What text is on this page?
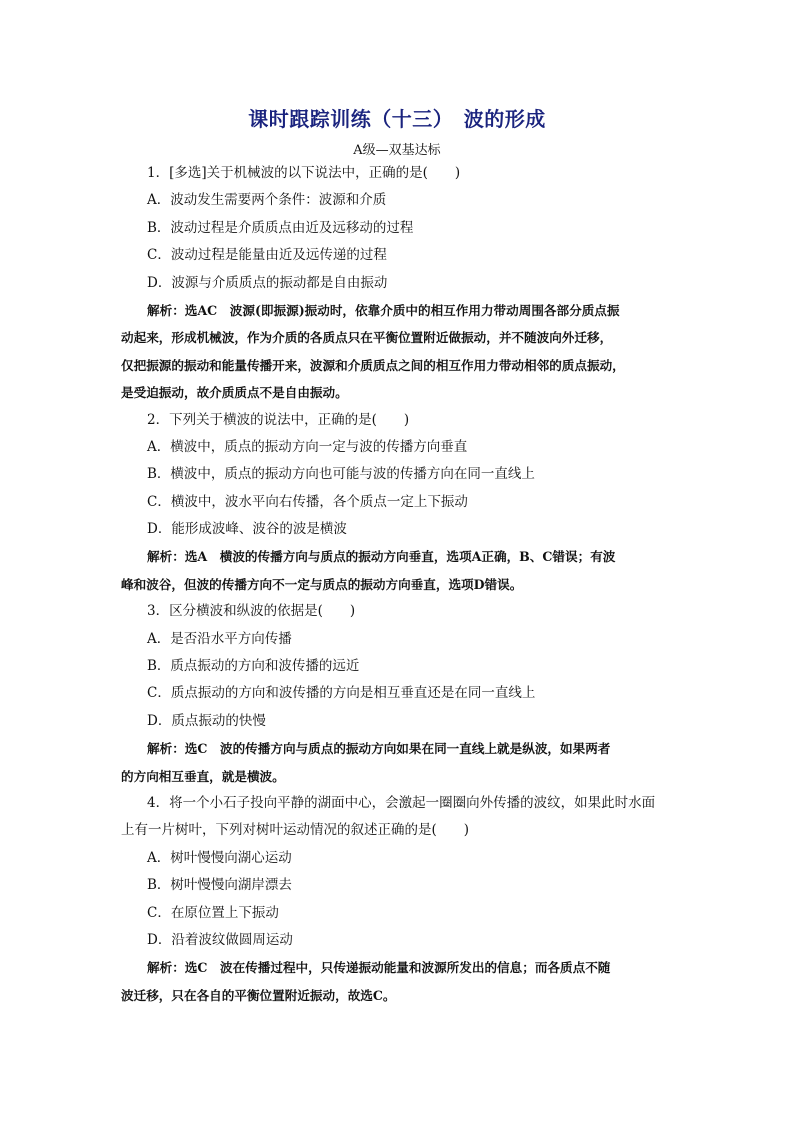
课时跟踪训练（十三）　波的形成
A级—双基达标
1．[多选]关于机械波的以下说法中，正确的是(　　)
A．波动发生需要两个条件：波源和介质
B．波动过程是介质质点由近及远移动的过程
C．波动过程是能量由近及远传递的过程
D．波源与介质质点的振动都是自由振动
解析：选AC　波源(即振源)振动时，依靠介质中的相互作用力带动周围各部分质点振
动起来，形成机械波，作为介质的各质点只在平衡位置附近做振动，并不随波向外迁移，
仅把振源的振动和能量传播开来，波源和介质质点之间的相互作用力带动相邻的质点振动，
是受迫振动，故介质质点不是自由振动。
2．下列关于横波的说法中，正确的是(　　)
A．横波中，质点的振动方向一定与波的传播方向垂直
B．横波中，质点的振动方向也可能与波的传播方向在同一直线上
C．横波中，波水平向右传播，各个质点一定上下振动
D．能形成波峰、波谷的波是横波
解析：选A　横波的传播方向与质点的振动方向垂直，选项A正确，B、C错误；有波
峰和波谷，但波的传播方向不一定与质点的振动方向垂直，选项D错误。
3．区分横波和纵波的依据是(　　)
A．是否沿水平方向传播
B．质点振动的方向和波传播的远近
C．质点振动的方向和波传播的方向是相互垂直还是在同一直线上
D．质点振动的快慢
解析：选C　波的传播方向与质点的振动方向如果在同一直线上就是纵波，如果两者
的方向相互垂直，就是横波。
4．将一个小石子投向平静的湖面中心，会激起一圈圈向外传播的波纹，如果此时水面
上有一片树叶，下列对树叶运动情况的叙述正确的是(　　)
A．树叶慢慢向湖心运动
B．树叶慢慢向湖岸漂去
C．在原位置上下振动
D．沿着波纹做圆周运动
解析：选C　波在传播过程中，只传递振动能量和波源所发出的信息；而各质点不随
波迁移，只在各自的平衡位置附近振动，故选C。
